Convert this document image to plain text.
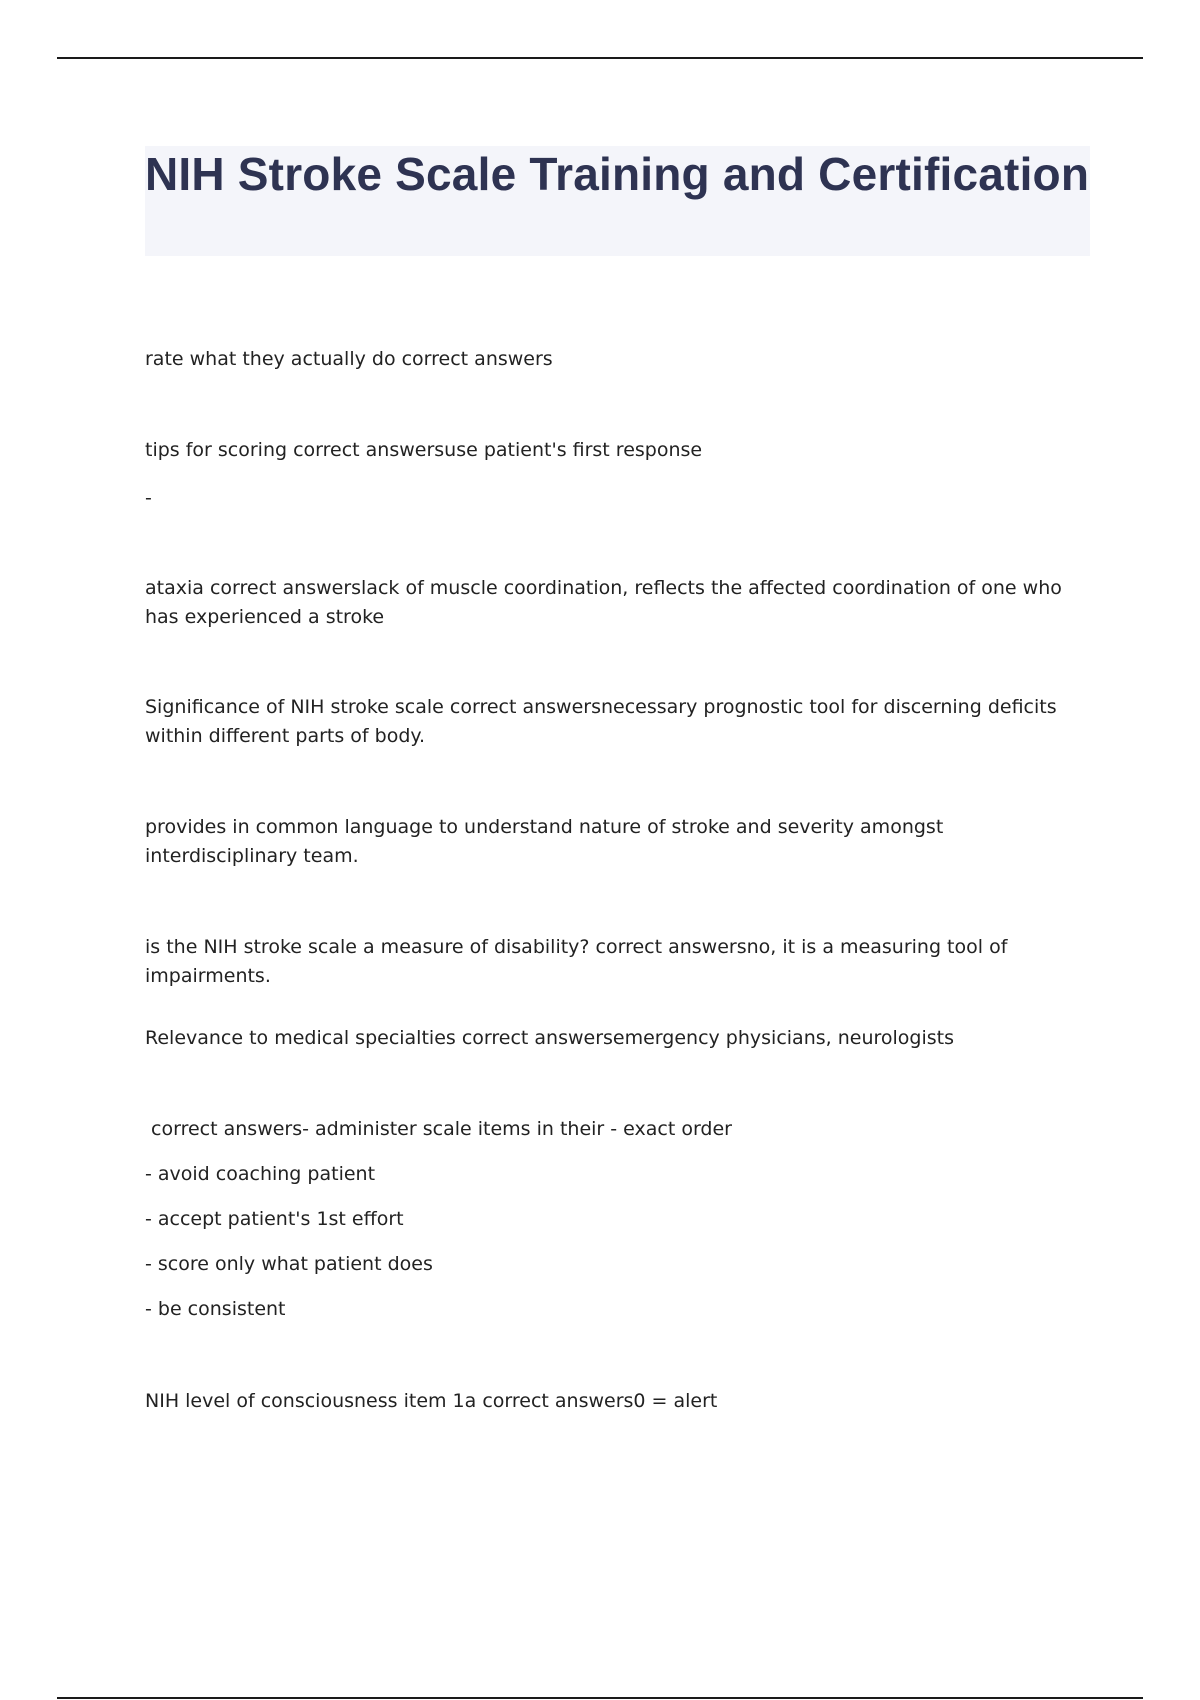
NIH Stroke Scale Training and Certification
rate what they actually do correct answers
tips for scoring correct answersuse patient's first response
-
ataxia correct answerslack of muscle coordination, reflects the affected coordination of one who has experienced a stroke
Significance of NIH stroke scale correct answersnecessary prognostic tool for discerning deficits within different parts of body.
provides in common language to understand nature of stroke and severity amongst interdisciplinary team.
is the NIH stroke scale a measure of disability? correct answersno, it is a measuring tool of impairments.
Relevance to medical specialties correct answersemergency physicians, neurologists
correct answers- administer scale items in their - exact order
- avoid coaching patient
- accept patient's 1st effort
- score only what patient does
- be consistent
NIH level of consciousness item 1a correct answers0 = alert
